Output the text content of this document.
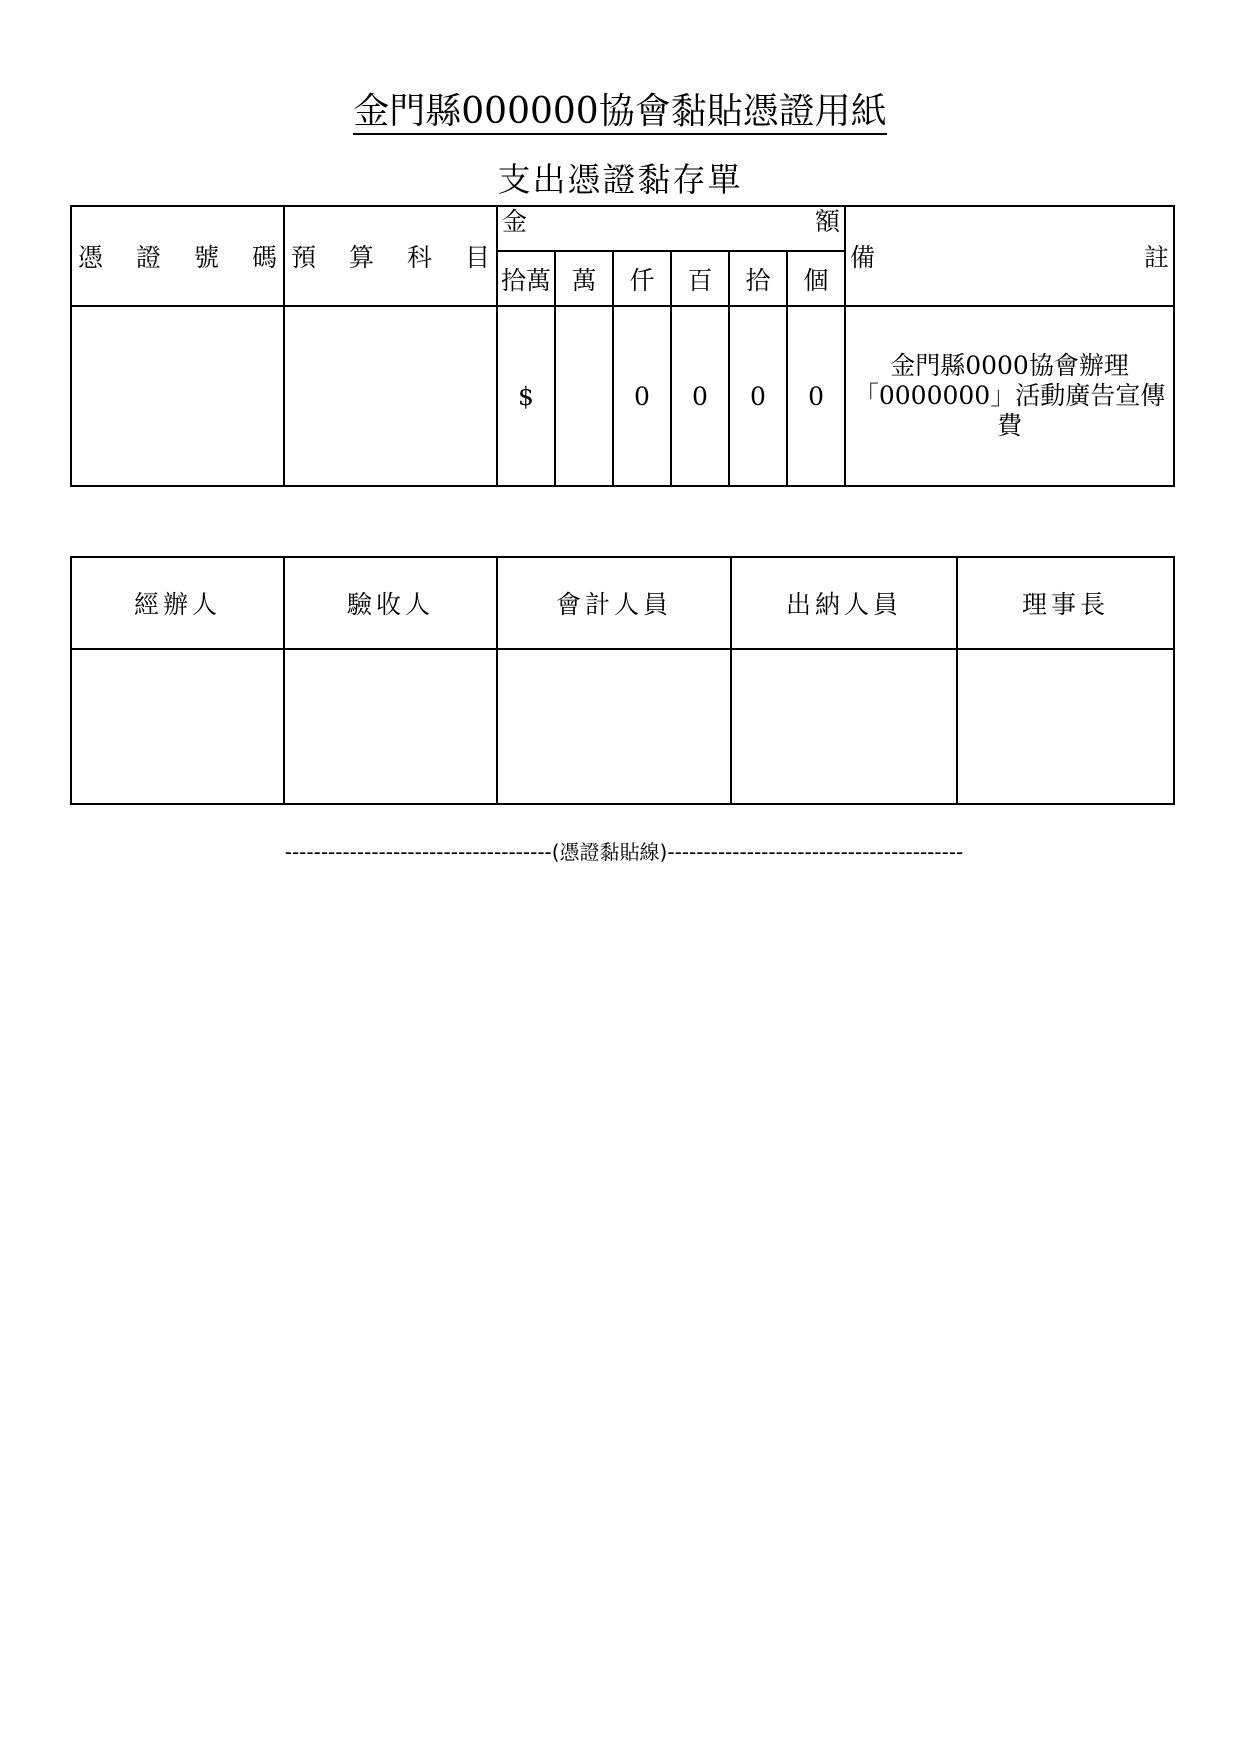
金門縣000000協會黏貼憑證用紙
支出憑證黏存單
憑 證 號 碼	預 算 科 目	金 額						備 註

		拾萬	萬	仟	百	拾	個	
		$		0	0	0	0	金門縣0000協會辦理「0000000」活動廣告宣傳費
經辦人	驗收人	會計人員	出納人員	理事長

-------------------------------------(憑證黏貼線)-----------------------------------------
